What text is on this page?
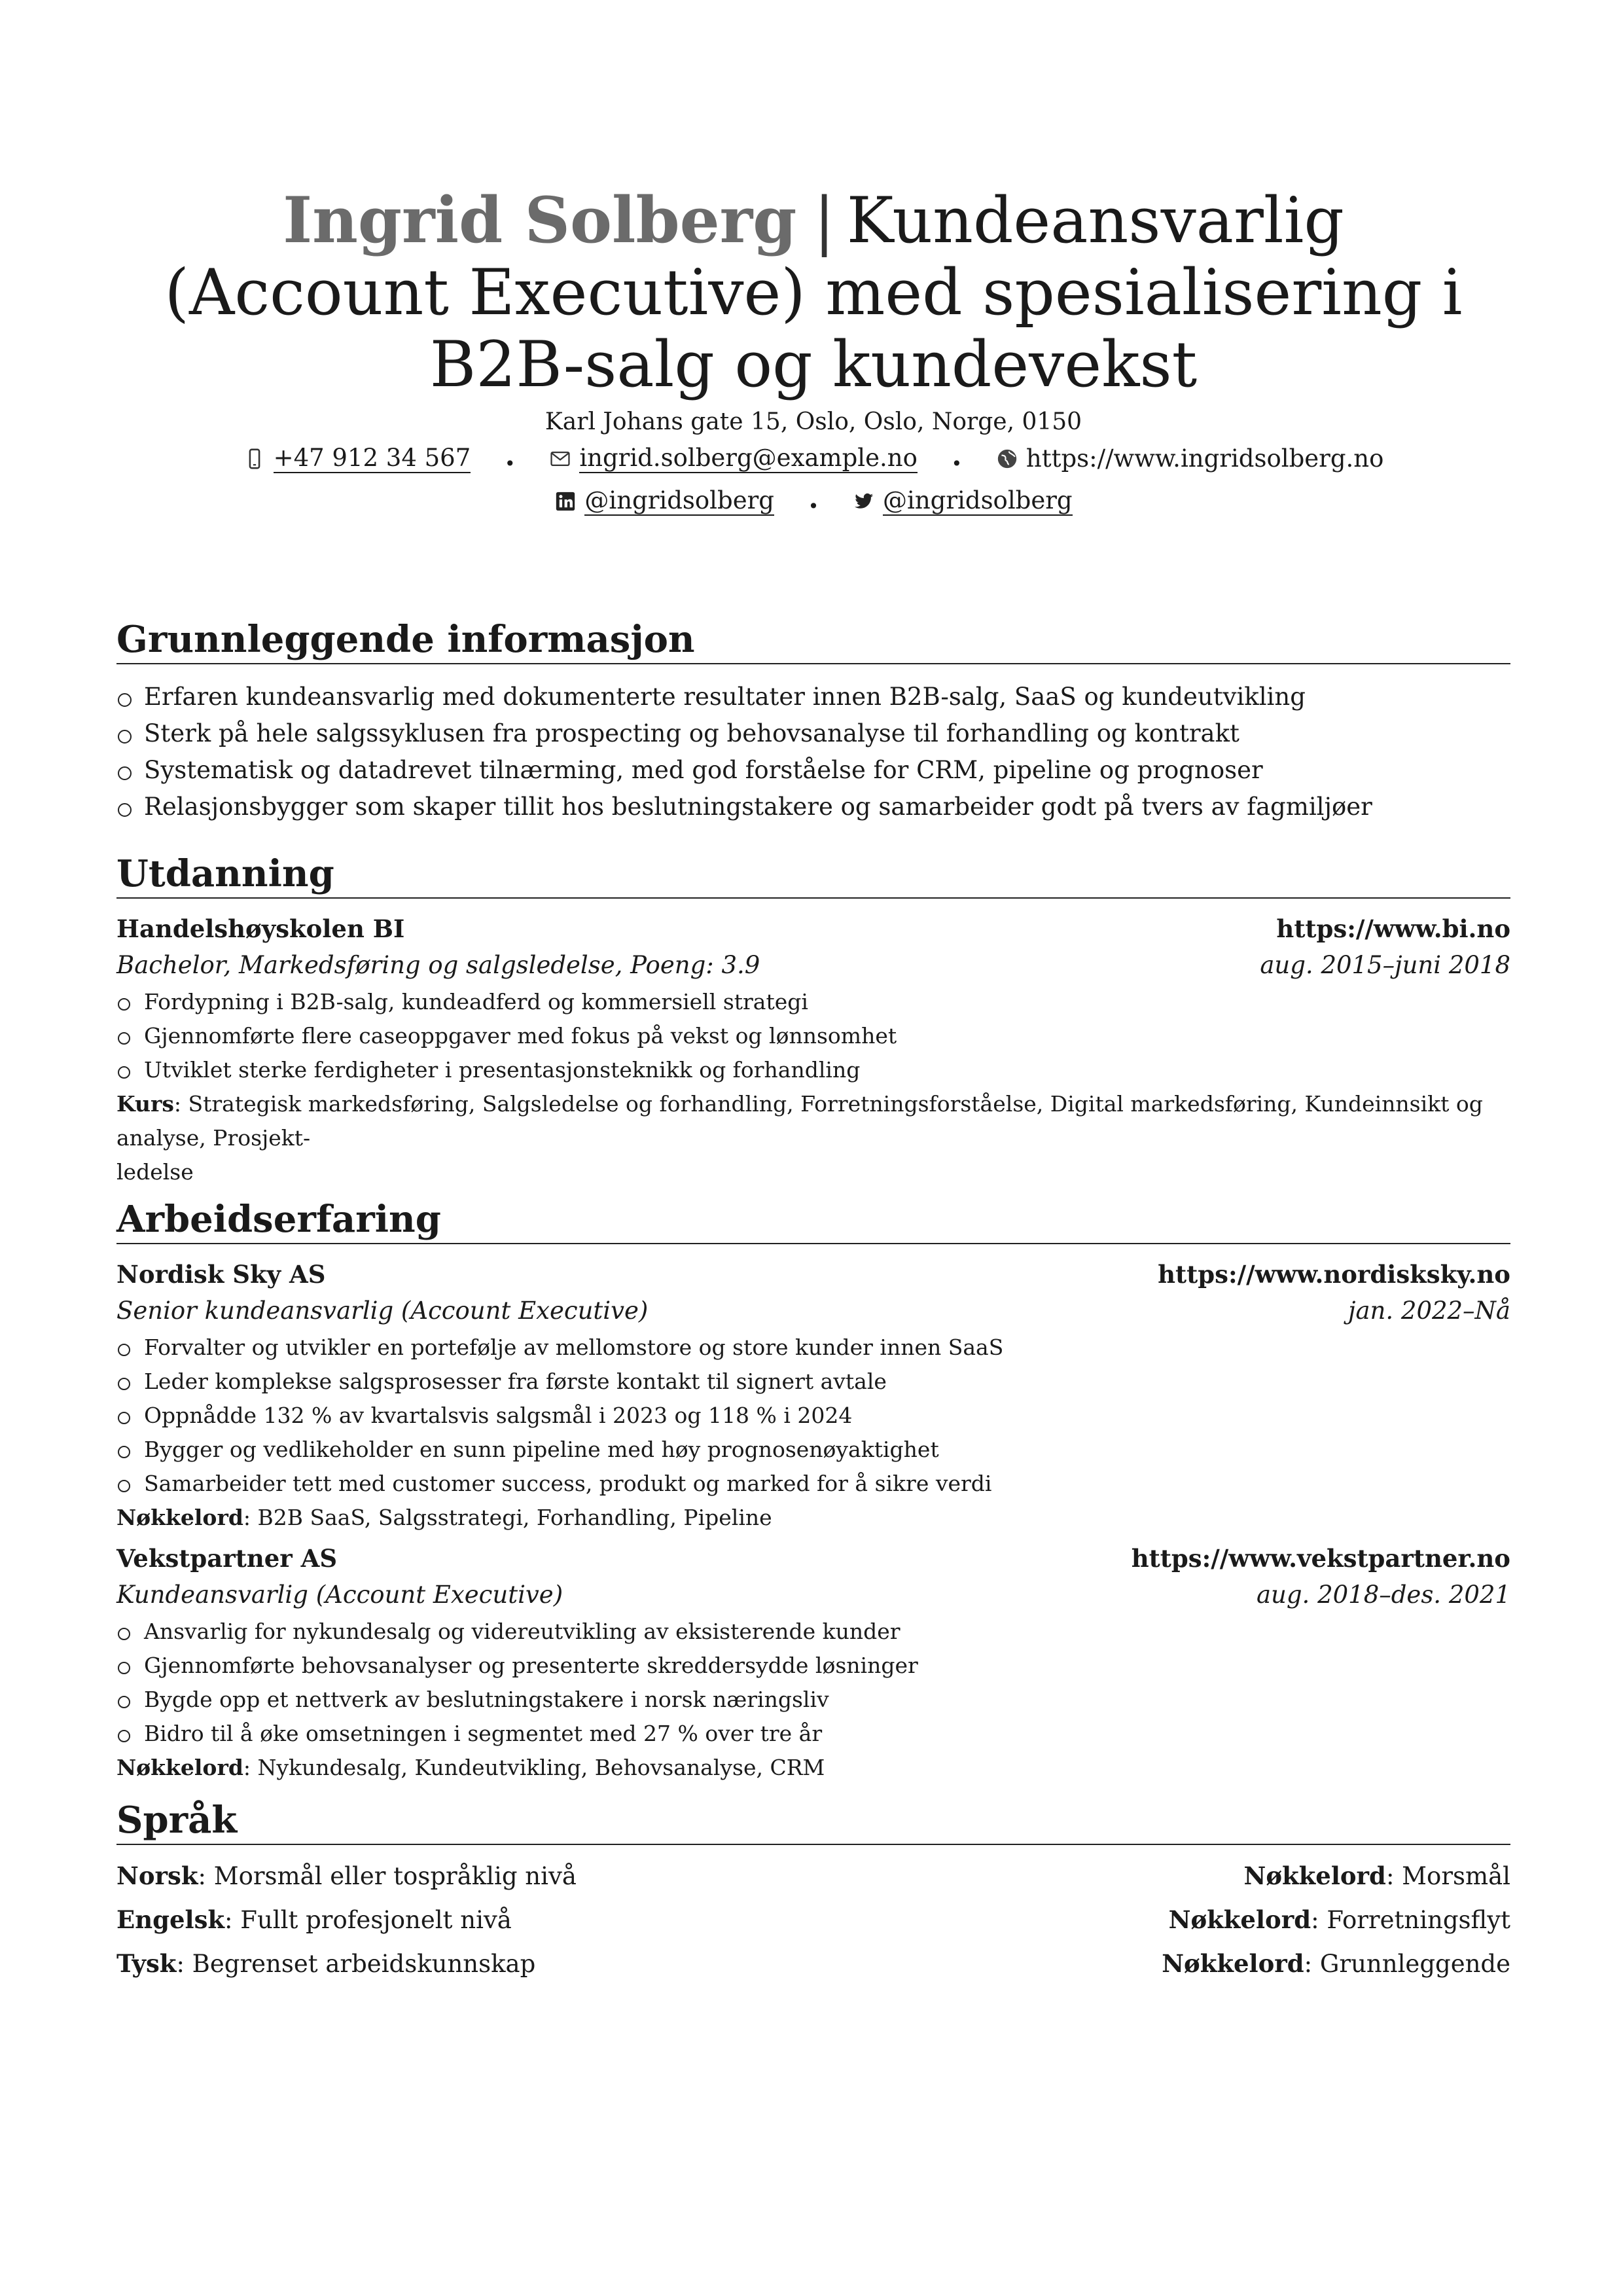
Ingrid Solberg | Kundeansvarlig
(Account Executive) med spesialisering i
B2B-salg og kundevekst
Karl Johans gate 15, Oslo, Oslo, Norge, 0150
+47 912 34 567 •	ingrid.solberg@example.no •	https://www.ingridsolberg.no
@ingridsolberg •	@ingridsolberg
Grunnleggende informasjon
Erfaren kundeansvarlig med dokumenterte resultater innen B2B-salg, SaaS og kundeutvikling
Sterk på hele salgssyklusen fra prospecting og behovsanalyse til forhandling og kontrakt
Systematisk og datadrevet tilnærming, med god forståelse for CRM, pipeline og prognoser
Relasjonsbygger som skaper tillit hos beslutningstakere og samarbeider godt på tvers av fagmiljøer
Utdanning
Handelshøyskolen BI	https://www.bi.no
Bachelor, Markedsføring og salgsledelse, Poeng: 3.9	aug. 2015–juni 2018
Fordypning i B2B-salg, kundeadferd og kommersiell strategi
Gjennomførte flere caseoppgaver med fokus på vekst og lønnsomhet
Utviklet sterke ferdigheter i presentasjonsteknikk og forhandling
Kurs: Strategisk markedsføring, Salgsledelse og forhandling, Forretningsforståelse, Digital markedsføring, Kundeinnsikt og analyse, Prosjekt-
ledelse
Arbeidserfaring
Nordisk Sky AS	https://www.nordisksky.no
Senior kundeansvarlig (Account Executive)	jan. 2022–Nå
Forvalter og utvikler en portefølje av mellomstore og store kunder innen SaaS
Leder komplekse salgsprosesser fra første kontakt til signert avtale
Oppnådde 132 % av kvartalsvis salgsmål i 2023 og 118 % i 2024
Bygger og vedlikeholder en sunn pipeline med høy prognosenøyaktighet
Samarbeider tett med customer success, produkt og marked for å sikre verdi
Nøkkelord: B2B SaaS, Salgsstrategi, Forhandling, Pipeline
Vekstpartner AS	https://www.vekstpartner.no
Kundeansvarlig (Account Executive)	aug. 2018–des. 2021
Ansvarlig for nykundesalg og videreutvikling av eksisterende kunder
Gjennomførte behovsanalyser og presenterte skreddersydde løsninger
Bygde opp et nettverk av beslutningstakere i norsk næringsliv
Bidro til å øke omsetningen i segmentet med 27 % over tre år
Nøkkelord: Nykundesalg, Kundeutvikling, Behovsanalyse, CRM
Språk
Norsk: Morsmål eller tospråklig nivå	Nøkkelord: Morsmål
Engelsk: Fullt profesjonelt nivå	Nøkkelord: Forretningsflyt
Tysk: Begrenset arbeidskunnskap	Nøkkelord: Grunnleggende
